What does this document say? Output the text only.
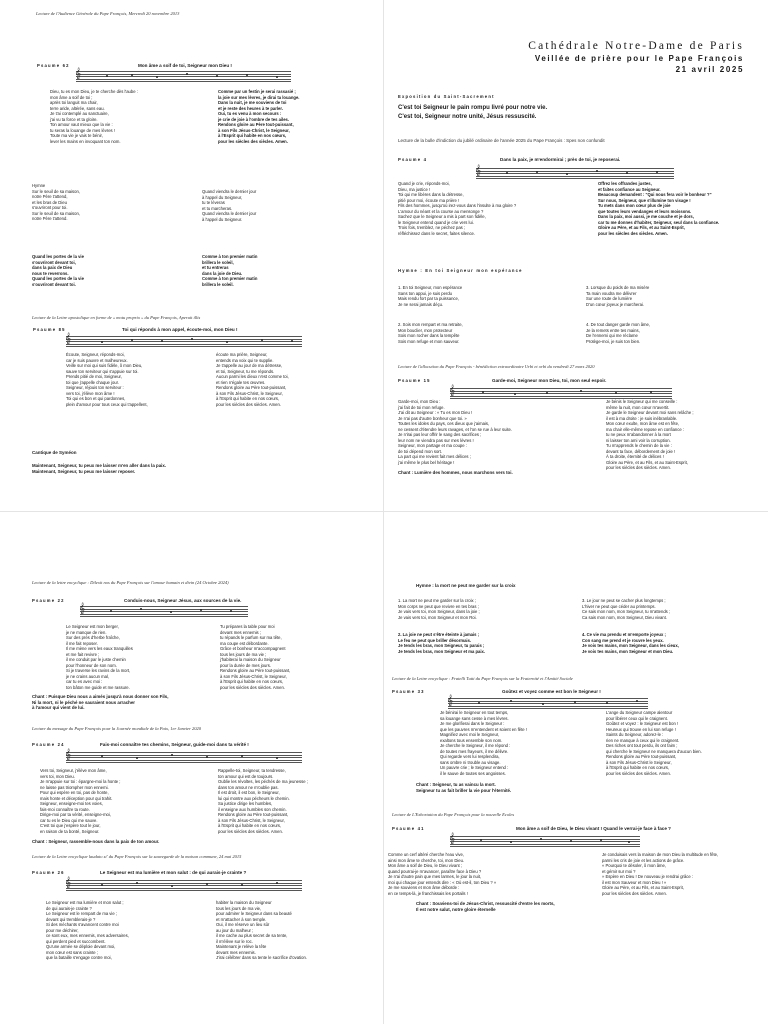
Lecture de l'Audience Générale du Pape François, Mercredi 20 novembre 2013
Psaume 62	Mon âme a soif de toi, Seigneur mon Dieu !
𝄞
Dieu, tu es mon Dieu, je te cherche dès l'aube :
mon âme a soif de toi ;
après toi languit ma chair,
terre aride, altérée, sans eau.
Je t'ai contemplé au sanctuaire,
j'ai vu ta force et ta gloire.
Ton amour vaut mieux que la vie :
tu seras la louange de mes lèvres !
Toute ma vie je vais te bénir,
lever les mains en invoquant ton nom.
Comme par un festin je serai rassasié ;
la joie sur mes lèvres, je dirai ta louange.
Dans la nuit, je me souviens de toi
et je reste des heures à te parler.
Oui, tu es venu à mon secours :
je crie de joie à l'ombre de tes ailes.
Rendons gloire au Père tout-puissant,
à son Fils Jésus-Christ, le Seigneur,
à l'Esprit qui habite en nos cœurs,
pour les siècles des siècles. Amen.
Hymne
Sur le seuil de sa maison,
notre Père t'attend,
et les bras de Dieu
s'ouvriront pour toi.
Sur le seuil de sa maison,
notre Père t'attend.
Quand viendra le dernier jour
à l'appel du Seigneur,
tu te lèveras
et tu marcheras.
Quand viendra le dernier jour
à l'appel du Seigneur.
Quand les portes de la vie
s'ouvriront devant toi,
dans la paix de Dieu
nous te reverrons.
Quand les portes de la vie
s'ouvriront devant toi.
Comme à ton premier matin
brillera le soleil,
et tu entreras
dans la joie de Dieu.
Comme à ton premier matin
brillera le soleil.
Lecture de la Lettre apostolique en forme de « motu proprio » du Pape François, Aperuit illis
Psaume 85	Toi qui réponds à mon appel, écoute-moi, mon Dieu !
𝄞
Écoute, Seigneur, réponds-moi,
car je suis pauvre et malheureux.
Veille sur moi qui suis fidèle, ô mon Dieu,
sauve ton serviteur qui s'appuie sur toi.
Prends pitié de moi, Seigneur,
toi que j'appelle chaque jour.
Seigneur, réjouis ton serviteur :
vers toi, j'élève mon âme !
Toi qui es bon et qui pardonnes,
plein d'amour pour tous ceux qui t'appellent,
écoute ma prière, Seigneur,
entends ma voix qui te supplie.
Je t'appelle au jour de ma détresse,
et toi, Seigneur, tu me réponds.
Aucun parmi les dieux n'est comme toi,
et rien n'égale tes œuvres.
Rendons gloire au Père tout-puissant,
à son Fils Jésus-Christ, le Seigneur,
à l'Esprit qui habite en nos cœurs,
pour les siècles des siècles. Amen.
Cantique de Syméon
Maintenant, Seigneur, tu peux me laisser m'en aller dans la paix.
Maintenant, Seigneur, tu peux me laisser reposer.
Cathédrale Notre-Dame de Paris
Veillée de prière pour le Pape François
21 avril 2025
Exposition du Saint-Sacrement
C'est toi Seigneur le pain rompu livré pour notre vie.
C'est toi, Seigneur notre unité, Jésus ressuscité.
Lecture de la bulle d'indiction du jubilé ordinaire de l'année 2025 du Pape François : Spes non confundit
Psaume 4	Dans la paix, je m'endormirai ; près de toi, je reposerai.
𝄞
Quand je crie, réponds-moi,
Dieu, ma justice !
Toi qui me libères dans la détresse,
pitié pour moi, écoute ma prière !
Fils des hommes, jusqu'où irez-vous dans l'insulte à ma gloire ?
L'amour du néant et la course au mensonge ?
Sachez que le Seigneur a mis à part son fidèle,
le Seigneur entend quand je crie vers lui.
Trois fois, tremblez, ne péchez pas ;
réfléchissez dans le secret, faites silence.
Offrez les offrandes justes,
et faites confiance au Seigneur.
Beaucoup demandent : "Qui nous fera voir le bonheur ?"
Sur nous, Seigneur, que s'illumine ton visage !
Tu mets dans mon cœur plus de joie
que toutes leurs vendanges et leurs moissons.
Dans la paix, moi aussi, je me couche et je dors,
car tu me donnes d'habiter, Seigneur, seul dans la confiance.
Gloire au Père, et au Fils, et au Saint-Esprit,
pour les siècles des siècles. Amen.
Hymne : En toi Seigneur mon espérance
1. En toi Seigneur, mon espérance
Sans ton appui, je suis perdu
Mais rendu fort par ta puissance,
Je ne serai jamais déçu.
3. Lorsque du poids de ma misère
Ta main voudra me délivrer
Sur une route de lumière
D'un cœur joyeux je marcherai.
2. Sois mon rempart et ma retraite,
Mon bouclier, mon protecteur
Sois mon rocher dans la tempête
Sois mon refuge et mon sauveur.
4. De tout danger garde mon âme,
Je la remets entre tes mains,
De l'ennemi qui me réclame
Protège-moi, je suis ton bien.
Lecture de l'allocution du Pape François - bénédiction extraordinaire Urbi et orbi du vendredi 27 mars 2020
Psaume 15	Garde-moi, Seigneur mon Dieu, toi, mon seul espoir.
𝄞
Garde-moi, mon Dieu :
j'ai fait de toi mon refuge.
J'ai dit au Seigneur : « Tu es mon Dieu !
Je n'ai pas d'autre bonheur que toi. »
Toutes les idoles du pays, ces dieux que j'aimais,
ne cessent d'étendre leurs ravages, et l'on se rue à leur suite.
Je n'irai pas leur offrir le sang des sacrifices ;
leur nom ne viendra pas sur mes lèvres !
Seigneur, mon partage et ma coupe :
de toi dépend mon sort.
La part qui me revient fait mes délices ;
j'ai même le plus bel héritage !
Je bénis le Seigneur qui me conseille :
même la nuit, mon cœur m'avertit.
Je garde le Seigneur devant moi sans relâche ;
il est à ma droite : je suis inébranlable.
Mon cœur exulte, mon âme est en fête,
ma chair elle-même repose en confiance :
tu ne peux m'abandonner à la mort
ni laisser ton ami voir la corruption.
Tu m'apprends le chemin de la vie :
devant ta face, débordement de joie !
À ta droite, éternité de délices !
Gloire au Père, et au Fils, et au Saint-Esprit,
pour les siècles des siècles. Amen.
Chant : Lumière des hommes, nous marchons vers toi.
Lecture de la lettre encyclique : Dilexit nos du Pape François sur l'amour humain et divin (24 Octobre 2024)
Psaume 22	Conduis-nous, Seigneur Jésus, aux sources de la vie.
𝄞
Le Seigneur est mon berger,
je ne manque de rien.
Sur des prés d'herbe fraîche,
il me fait reposer.
Il me mène vers les eaux tranquilles
et me fait revivre ;
il me conduit par le juste chemin
pour l'honneur de son nom.
Si je traverse les ravins de la mort,
je ne crains aucun mal,
car tu es avec moi :
ton bâton me guide et me rassure.
Tu prépares la table pour moi
devant mes ennemis ;
tu répands le parfum sur ma tête,
ma coupe est débordante.
Grâce et bonheur m'accompagnent
tous les jours de ma vie ;
j'habiterai la maison du Seigneur
pour la durée de mes jours.
Rendons gloire au Père tout-puissant,
à son Fils Jésus-Christ, le Seigneur,
à l'Esprit qui habite en nos cœurs,
pour les siècles des siècles. Amen.
Chant : Puisque Dieu nous a aimés jusqu'à nous donner son Fils,
Ni la mort, ni le péché ne sauraient nous arracher
à l'amour qui vient de lui.
Lecture du message du Pape François pour la Journée mondiale de la Paix, 1er Janvier 2020
Psaume 24	Fais-moi connaître tes chemins, Seigneur, guide-moi dans ta vérité !
𝄞
Vers toi, Seigneur, j'élève mon âme,
vers toi, mon Dieu.
Je m'appuie sur toi : épargne-moi la honte ;
ne laisse pas triompher mon ennemi.
Pour qui espère en toi, pas de honte,
mais honte et déception pour qui trahit.
Seigneur, enseigne-moi tes voies,
fais-moi connaître ta route.
Dirige-moi par ta vérité, enseigne-moi,
car tu es le Dieu qui me sauve.
C'est toi que j'espère tout le jour,
en raison de ta bonté, Seigneur.
Rappelle-toi, Seigneur, ta tendresse,
ton amour qui est de toujours.
Oublie les révoltes, les péchés de ma jeunesse ;
dans ton amour ne m'oublie pas.
Il est droit, il est bon, le Seigneur,
lui qui montre aux pécheurs le chemin.
Sa justice dirige les humbles,
il enseigne aux humbles son chemin.
Rendons gloire au Père tout-puissant,
à son Fils Jésus-Christ, le Seigneur,
à l'Esprit qui habite en nos cœurs,
pour les siècles des siècles. Amen.
Chant : Seigneur, rassemble-nous dans la paix de ton amour.
Lecture de la Lettre encyclique laudato si' du Pape François sur la sauvegarde de la maison commune, 24 mai 2015
Psaume 26	Le Seigneur est ma lumière et mon salut : de qui aurais-je crainte ?
𝄞
Le Seigneur est ma lumière et mon salut ;
de qui aurais-je crainte ?
Le Seigneur est le rempart de ma vie ;
devant qui tremblerais-je ?
Si des méchants s'avancent contre moi
pour me déchirer,
ce sont eux, mes ennemis, mes adversaires,
qui perdent pied et succombent.
Qu'une armée se déploie devant moi,
mon cœur est sans crainte ;
que la bataille s'engage contre moi,
habiter la maison du Seigneur
tous les jours de ma vie,
pour admirer le Seigneur dans sa beauté
et m'attacher à son temple.
Oui, il me réserve un lieu sûr
au jour du malheur ;
il me cache au plus secret de sa tente,
il m'élève sur le roc.
Maintenant je relève la tête
devant mes ennemis.
J'irai célébrer dans sa tente le sacrifice d'ovation.
Hymne : la mort ne peut me garder sur la croix
1. La mort ne peut me garder sur la croix ;
Mon corps ne peut que revivre en tes bras ;
Je vais vers toi, mon Seigneur, dans la joie ;
Je vais vers toi, mon Seigneur et mon Roi.
3. Le jour ne peut se cacher plus longtemps ;
L'hiver ne peut que céder au printemps.
Ce sais mon nom, mon Seigneur, tu m'attends ;
Ca sais mon nom, mon Seigneur, Dieu vivant.
2. La joie ne peut s'être éteinte à jamais ;
Le feu ne peut que briller désormais.
Je tends les bras, mon Seigneur, tu parais ;
Je tends les bras, mon Seigneur et ma paix.
4. Ce vie ma prendu et m'emporte joyeux ;
Con sang me prend et je rouvre les yeux.
Je vois tes mains, mon Seigneur, dans les cieux,
Je vois tes mains, mon Seigneur et mon Dieu.
Lecture de la Lettre encyclique : Fratelli Tutti du Pape François sur la Fraternité et l'Amitié Sociale
Psaume 33	Goûtez et voyez comme est bon le Seigneur !
𝄞
Je bénirai le Seigneur en tout temps,
sa louange sans cesse à mes lèvres.
Je me glorifierai dans le Seigneur :
que les pauvres m'entendent et soient en fête !
Magnifiez avec moi le Seigneur,
exaltons tous ensemble son nom.
Je cherche le Seigneur, il me répond :
de toutes mes frayeurs, il me délivre.
Qui regarde vers lui resplendira,
sans ombre ni trouble au visage.
Un pauvre crie ; le Seigneur entend :
il le sauve de toutes ses angoisses.
L'ange du Seigneur campe alentour
pour libérer ceux qui le craignent.
Goûtez et voyez : le Seigneur est bon !
Heureux qui trouve en lui son refuge !
Saints du Seigneur, adorez-le :
rien ne manque à ceux qui le craignent.
Des riches ont tout perdu, ils ont faim ;
qui cherche le Seigneur ne manquera d'aucun bien.
Rendons gloire au Père tout-puissant,
à son Fils Jésus-Christ le Seigneur,
à l'Esprit qui habite en nos cœurs,
pour les siècles des siècles. Amen.
Chant : Seigneur, tu as vaincu la mort.
Seigneur tu as fait briller la vie pour l'éternité.
Lecture de L'Exhortation du Pape François pour la nouvelle Ecoles
Psaume 41	Mon âme a soif de Dieu, le Dieu vivant ! Quand le verrai-je face à face ?
𝄞
Comme un cerf altéré cherche l'eau vive,
ainsi mon âme te cherche, toi, mon Dieu.
Mon âme a soif de Dieu, le Dieu vivant ;
quand pourrai-je m'avancer, paraître face à Dieu ?
Je n'ai d'autre pain que mes larmes, le jour la nuit,
moi qui chaque jour entends dire : « Où est-il, ton Dieu ? »
Je me souviens et mon âme déborde :
en ce temps-là, je franchissais les portails !
Je conduisais vers la maison de mon Dieu la multitude en fête,
parmi les cris de joie et les actions de grâce.
« Pourquoi te désoler, ô mon âme,
et gémir sur moi ?
» Espère en Dieu ! De nouveau je rendrai grâce :
il est mon Sauveur et mon Dieu ! »
Gloire au Père, et au Fils, et au Saint-Esprit,
pour les siècles des siècles. Amen.
Chant : Souviens-toi de Jésus-Christ, ressuscité d'entre les morts,
Il est notre salut, notre gloire éternelle
